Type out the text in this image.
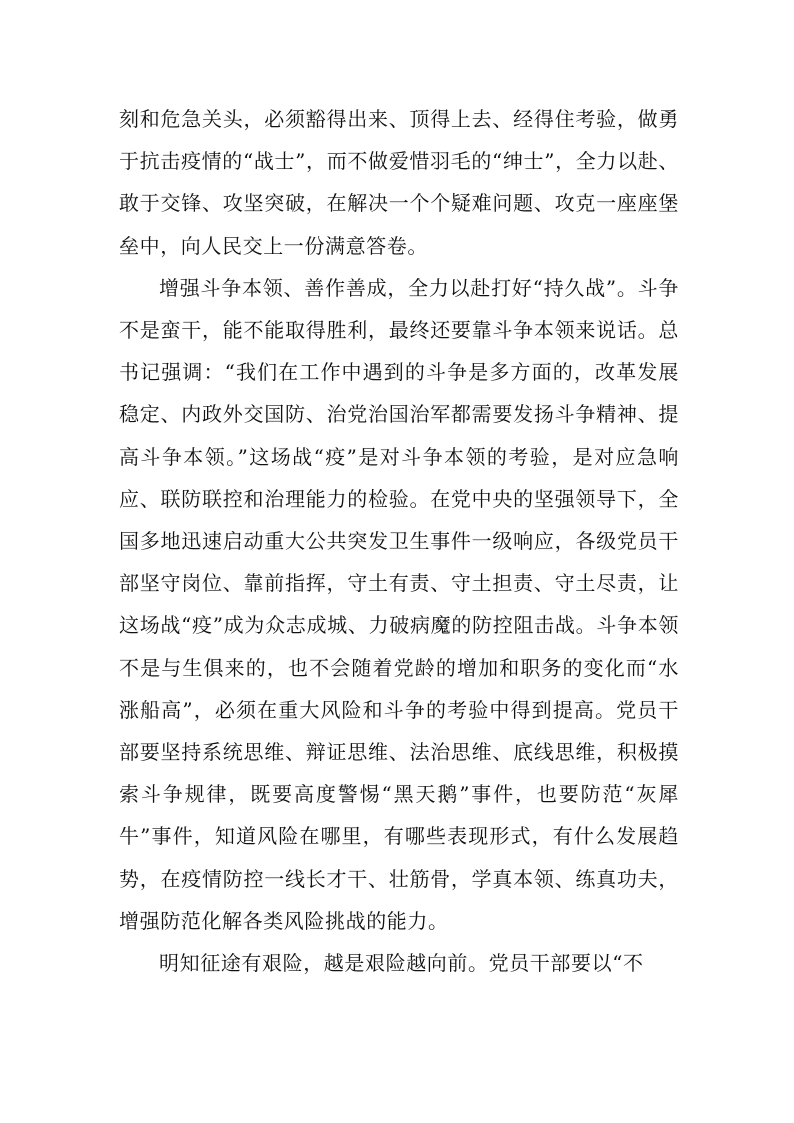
刻和危急关头，必须豁得出来、顶得上去、经得住考验，做勇于抗击疫情的“战士”，而不做爱惜羽毛的“绅士”，全力以赴、敢于交锋、攻坚突破，在解决一个个疑难问题、攻克一座座堡垒中，向人民交上一份满意答卷。

增强斗争本领、善作善成，全力以赴打好“持久战”。斗争不是蛮干，能不能取得胜利，最终还要靠斗争本领来说话。总书记强调：“我们在工作中遇到的斗争是多方面的，改革发展稳定、内政外交国防、治党治国治军都需要发扬斗争精神、提高斗争本领。”这场战“疫”是对斗争本领的考验，是对应急响应、联防联控和治理能力的检验。在党中央的坚强领导下，全国多地迅速启动重大公共突发卫生事件一级响应，各级党员干部坚守岗位、靠前指挥，守土有责、守土担责、守土尽责，让这场战“疫”成为众志成城、力破病魔的防控阻击战。斗争本领不是与生俱来的，也不会随着党龄的增加和职务的变化而“水涨船高”，必须在重大风险和斗争的考验中得到提高。党员干部要坚持系统思维、辩证思维、法治思维、底线思维，积极摸索斗争规律，既要高度警惕“黑天鹅”事件，也要防范“灰犀牛”事件，知道风险在哪里，有哪些表现形式，有什么发展趋势，在疫情防控一线长才干、壮筋骨，学真本领、练真功夫，增强防范化解各类风险挑战的能力。

明知征途有艰险，越是艰险越向前。党员干部要以“不
